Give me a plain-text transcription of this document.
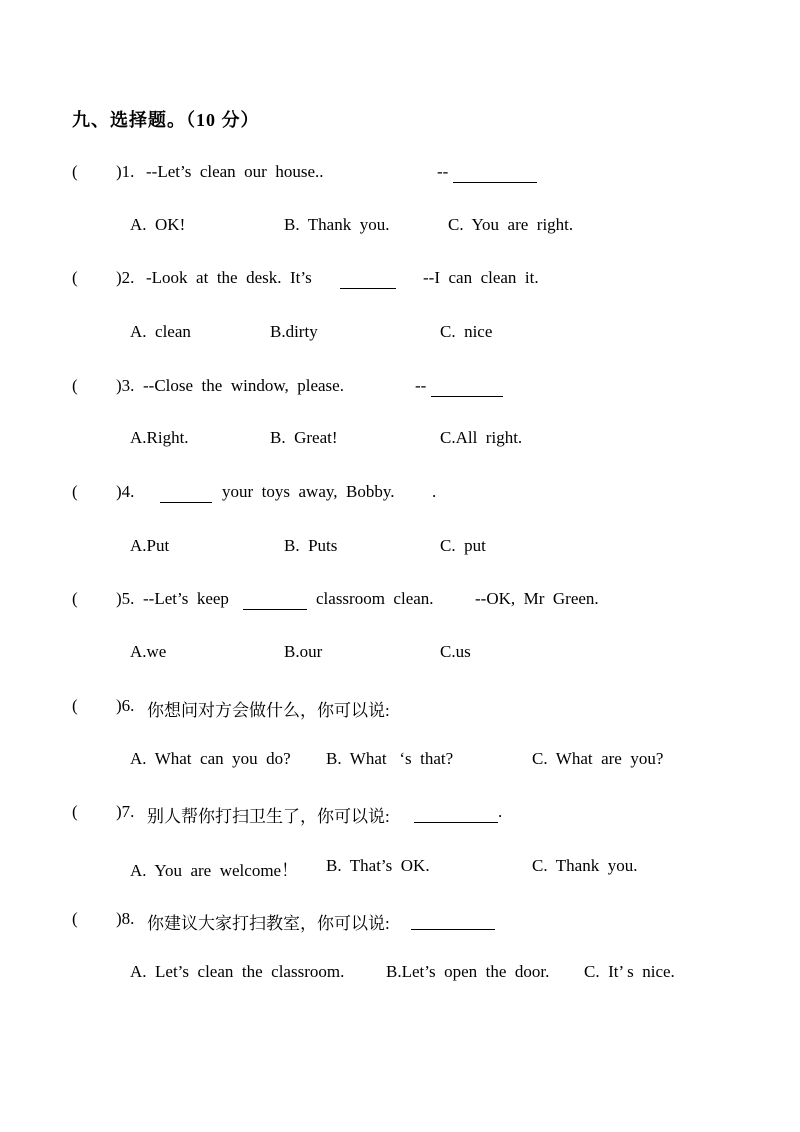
九、选择题。（10 分）

(

)1.

--Let’s  clean  our  house..

	--

A.  OK!

	B.  Thank  you.

	C.  You  are  right.

(

)2.

-Look  at  the  desk.  It’s

	--I  can  clean  it.

A.  clean

	B.dirty

	C.  nice

(

)3.

--Close  the  window,  please.

	--

A.Right.

	B.  Great!

	C.All  right.

(

)4.

	your  toys  away,  Bobby.

.

A.Put

	B.  Puts

	C.  put

(

)5.

--Let’s  keep

	classroom  clean.

--OK,  Mr  Green.

A.we

	B.our

	C.us

(

)6.

你想问对方会做什么，你可以说:

A.  What  can  you  do?

B.  What   ‘s  that?

	C.  What  are  you?

(

)7.

别人帮你打扫卫生了，你可以说:

	.

A.  You  are  welcome！

B.  That’s  OK.

	C.  Thank  you.

(

)8.

你建议大家打扫教室，你可以说:

A.  Let’s  clean  the  classroom.

B.Let’s  open  the  door.

C.  It’ s  nice.
